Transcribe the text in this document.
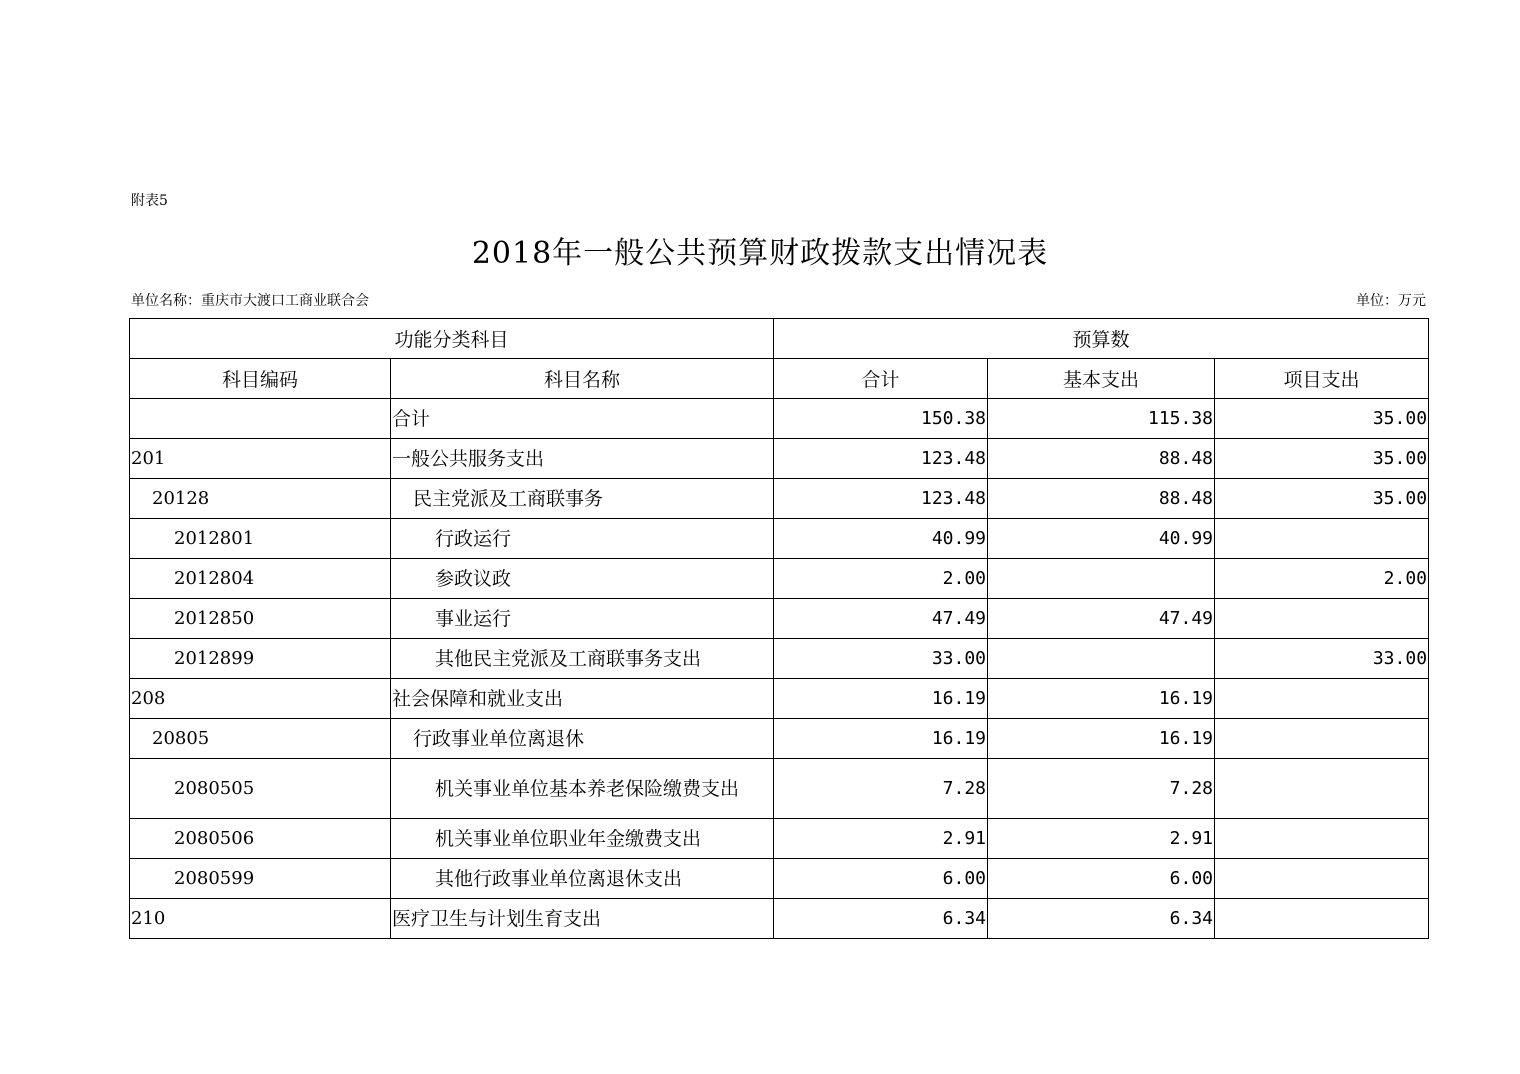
附表5
2018年一般公共预算财政拨款支出情况表
单位名称：重庆市大渡口工商业联合会	单位：万元
功能分类科目		预算数		
科目编码	科目名称	合计	基本支出	项目支出
	合计	150.38	115.38	35.00
201	一般公共服务支出	123.48	88.48	35.00
20128	民主党派及工商联事务	123.48	88.48	35.00
2012801	行政运行	40.99	40.99	
2012804	参政议政	2.00		2.00
2012850	事业运行	47.49	47.49	
2012899	其他民主党派及工商联事务支出	33.00		33.00
208	社会保障和就业支出	16.19	16.19	
20805	行政事业单位离退休	16.19	16.19	
2080505	机关事业单位基本养老保险缴费支出	7.28	7.28	
2080506	机关事业单位职业年金缴费支出	2.91	2.91	
2080599	其他行政事业单位离退休支出	6.00	6.00	
210	医疗卫生与计划生育支出	6.34	6.34	
